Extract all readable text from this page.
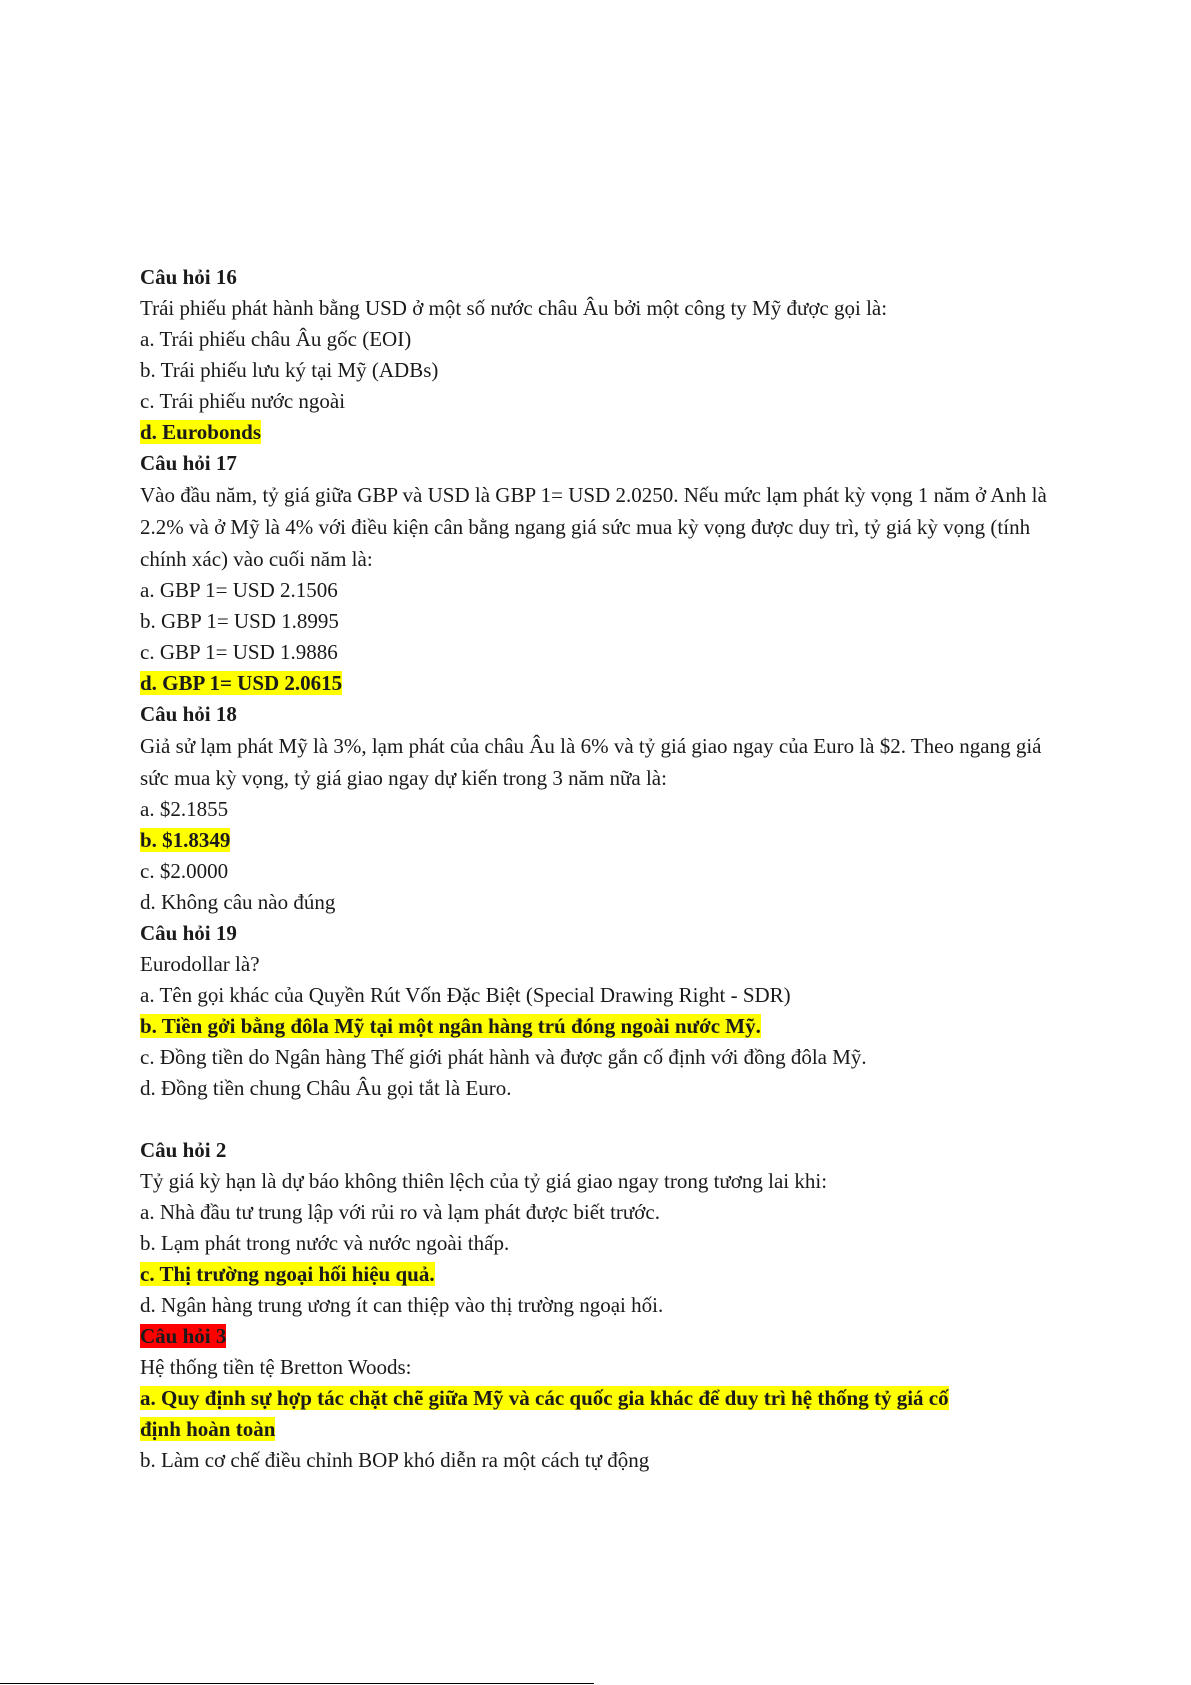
Câu hỏi 16
Trái phiếu phát hành bằng USD ở một số nước châu Âu bởi một công ty Mỹ được gọi là:
a. Trái phiếu châu Âu gốc (EOI)
b. Trái phiếu lưu ký tại Mỹ (ADBs)
c. Trái phiếu nước ngoài
d. Eurobonds
Câu hỏi 17
Vào đầu năm, tỷ giá giữa GBP và USD là GBP 1= USD 2.0250. Nếu mức lạm phát kỳ vọng 1 năm ở Anh là 2.2% và ở Mỹ là 4% với điều kiện cân bằng ngang giá sức mua kỳ vọng được duy trì, tỷ giá kỳ vọng (tính chính xác) vào cuối năm là:
a. GBP 1= USD 2.1506
b. GBP 1= USD 1.8995
c. GBP 1= USD 1.9886
d. GBP 1= USD 2.0615
Câu hỏi 18
Giả sử lạm phát Mỹ là 3%, lạm phát của châu Âu là 6% và tỷ giá giao ngay của Euro là $2. Theo ngang giá sức mua kỳ vọng, tỷ giá giao ngay dự kiến trong 3 năm nữa là:
a. $2.1855
b. $1.8349
c. $2.0000
d. Không câu nào đúng
Câu hỏi 19
Eurodollar là?
a. Tên gọi khác của Quyền Rút Vốn Đặc Biệt (Special Drawing Right - SDR)
b. Tiền gởi bằng đôla Mỹ tại một ngân hàng trú đóng ngoài nước Mỹ.
c. Đồng tiền do Ngân hàng Thế giới phát hành và được gắn cố định với đồng đôla Mỹ.
d. Đồng tiền chung Châu Âu gọi tắt là Euro.
Câu hỏi 2
Tỷ giá kỳ hạn là dự báo không thiên lệch của tỷ giá giao ngay trong tương lai khi:
a. Nhà đầu tư trung lập với rủi ro và lạm phát được biết trước.
b. Lạm phát trong nước và nước ngoài thấp.
c. Thị trường ngoại hối hiệu quả.
d. Ngân hàng trung ương ít can thiệp vào thị trường ngoại hối.
Câu hỏi 3
Hệ thống tiền tệ Bretton Woods:
a. Quy định sự hợp tác chặt chẽ giữa Mỹ và các quốc gia khác để duy trì hệ thống tỷ giá cố
định hoàn toàn
b. Làm cơ chế điều chỉnh BOP khó diễn ra một cách tự động
